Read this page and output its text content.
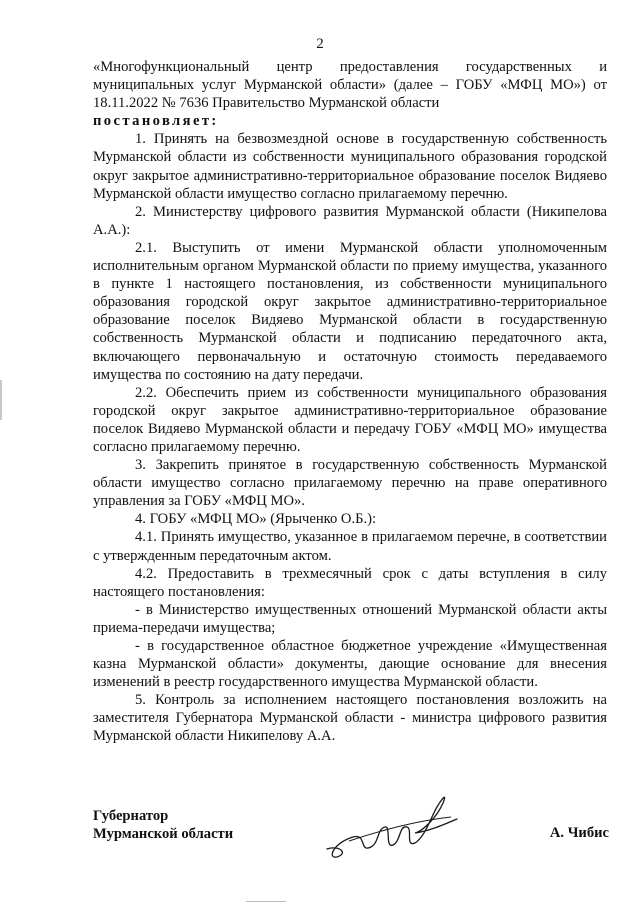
2

«Многофункциональный центр предоставления государственных и муниципальных услуг Мурманской области» (далее – ГОБУ «МФЦ МО») от 18.11.2022 № 7636 Правительство Мурманской области

постановляет:

1. Принять на безвозмездной основе в государственную собственность Мурманской области из собственности муниципального образования городской округ закрытое административно-территориальное образование поселок Видяево Мурманской области имущество согласно прилагаемому перечню.

2. Министерству цифрового развития Мурманской области (Никипелова А.А.):

2.1. Выступить от имени Мурманской области уполномоченным исполнительным органом Мурманской области по приему имущества, указанного в пункте 1 настоящего постановления, из собственности муниципального образования городской округ закрытое административно-территориальное образование поселок Видяево Мурманской области в государственную собственность Мурманской области и подписанию передаточного акта, включающего первоначальную и остаточную стоимость передаваемого имущества по состоянию на дату передачи.

2.2. Обеспечить прием из собственности муниципального образования городской округ закрытое административно-территориальное образование поселок Видяево Мурманской области и передачу ГОБУ «МФЦ МО» имущества согласно прилагаемому перечню.

3. Закрепить принятое в государственную собственность Мурманской области имущество согласно прилагаемому перечню на праве оперативного управления за ГОБУ «МФЦ МО».

4. ГОБУ «МФЦ МО» (Ярыченко О.Б.):

4.1. Принять имущество, указанное в прилагаемом перечне, в соответствии с утвержденным передаточным актом.

4.2. Предоставить в трехмесячный срок с даты вступления в силу настоящего постановления:

- в Министерство имущественных отношений Мурманской области акты приема-передачи имущества;

- в государственное областное бюджетное учреждение «Имущественная казна Мурманской области» документы, дающие основание для внесения изменений в реестр государственного имущества Мурманской области.

5. Контроль за исполнением настоящего постановления возложить на заместителя Губернатора Мурманской области - министра цифрового развития Мурманской области Никипелову А.А.

Губернатор
Мурманской области	А. Чибис
